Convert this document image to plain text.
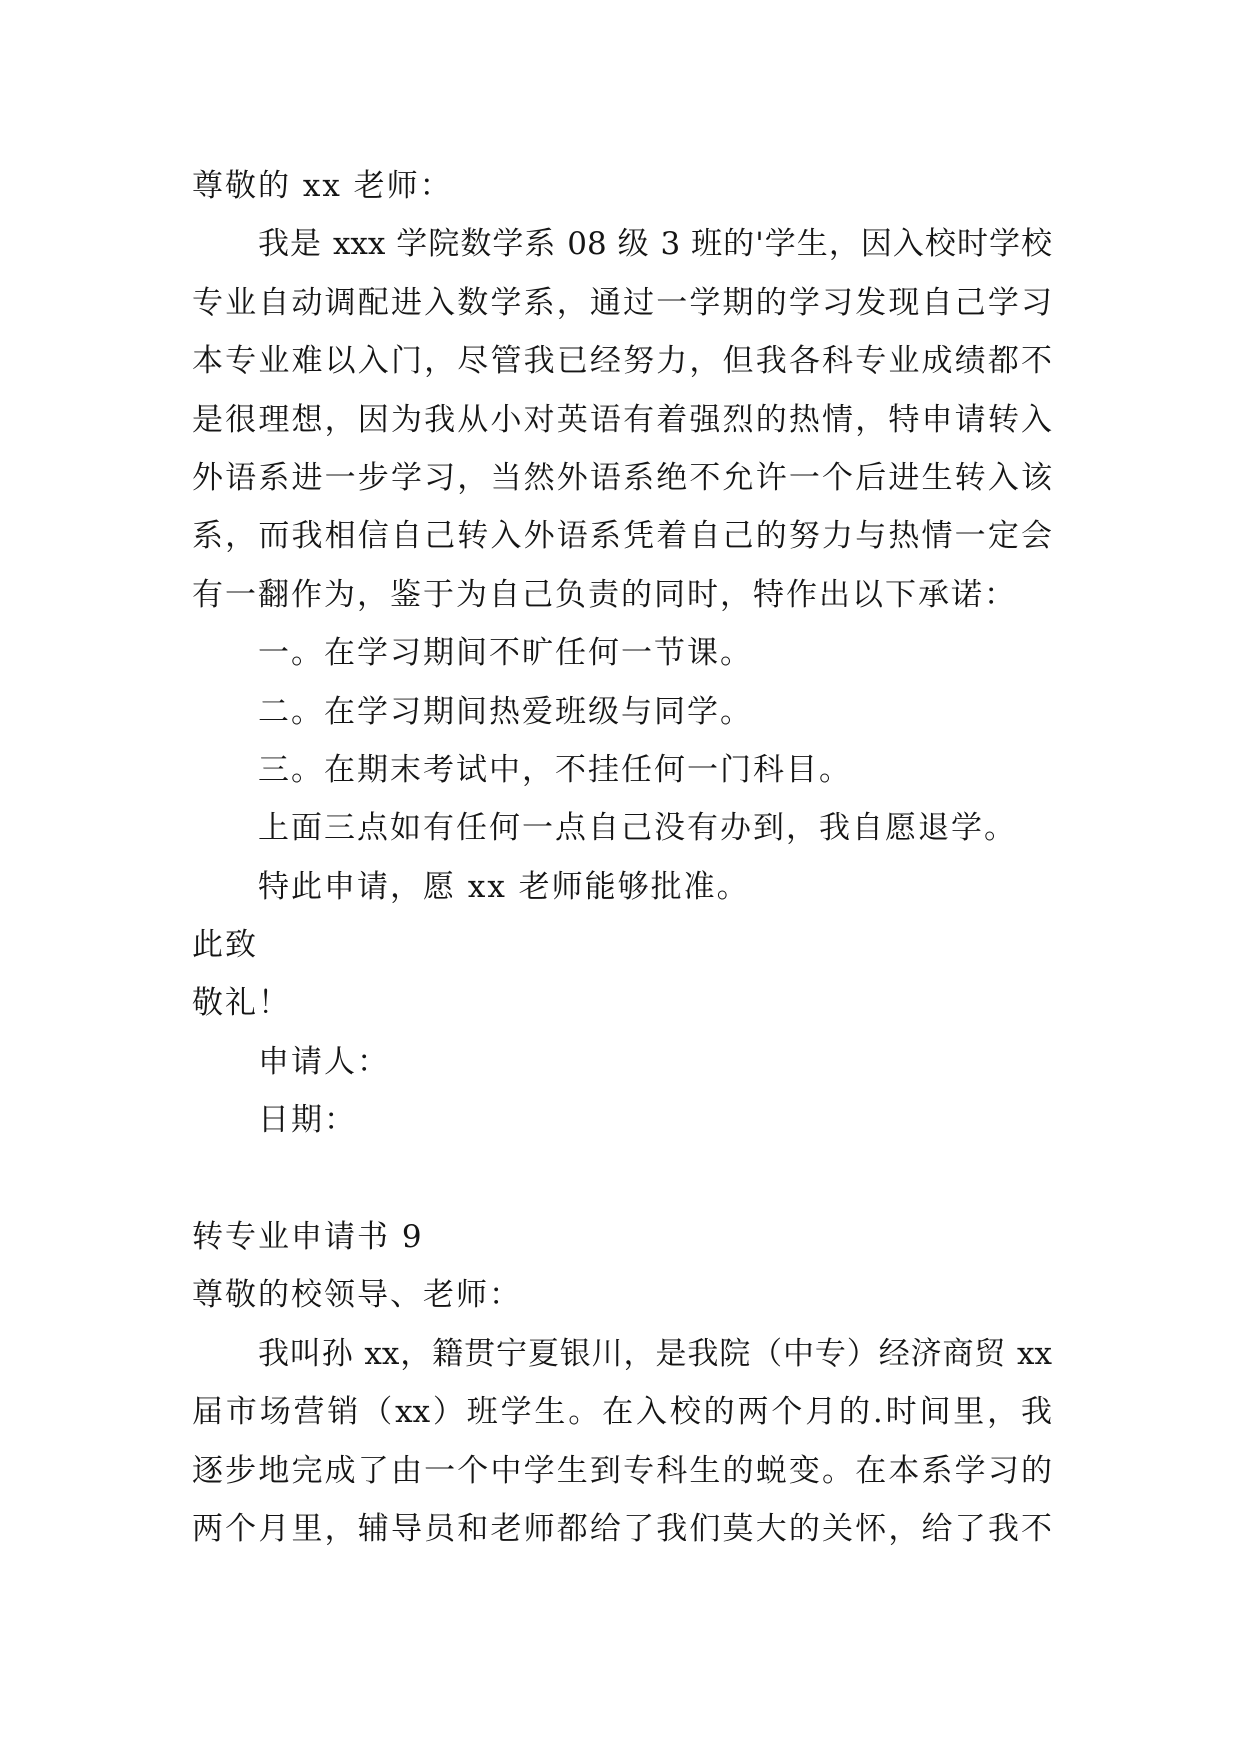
尊敬的 xx 老师：
我是 xxx 学院数学系 08 级 3 班的'学生，因入校时学校
专业自动调配进入数学系，通过一学期的学习发现自己学习
本专业难以入门，尽管我已经努力，但我各科专业成绩都不
是很理想，因为我从小对英语有着强烈的热情，特申请转入
外语系进一步学习，当然外语系绝不允许一个后进生转入该
系，而我相信自己转入外语系凭着自己的努力与热情一定会
有一翻作为，鉴于为自己负责的同时，特作出以下承诺：
一。在学习期间不旷任何一节课。
二。在学习期间热爱班级与同学。
三。在期末考试中，不挂任何一门科目。
上面三点如有任何一点自己没有办到，我自愿退学。
特此申请，愿 xx 老师能够批准。
此致
敬礼！
申请人：
日期：
转专业申请书 9
尊敬的校领导、老师：
我叫孙 xx，籍贯宁夏银川，是我院（中专）经济商贸 xx
届市场营销（xx）班学生。在入校的两个月的.时间里，我
逐步地完成了由一个中学生到专科生的蜕变。在本系学习的
两个月里，辅导员和老师都给了我们莫大的关怀，给了我不
